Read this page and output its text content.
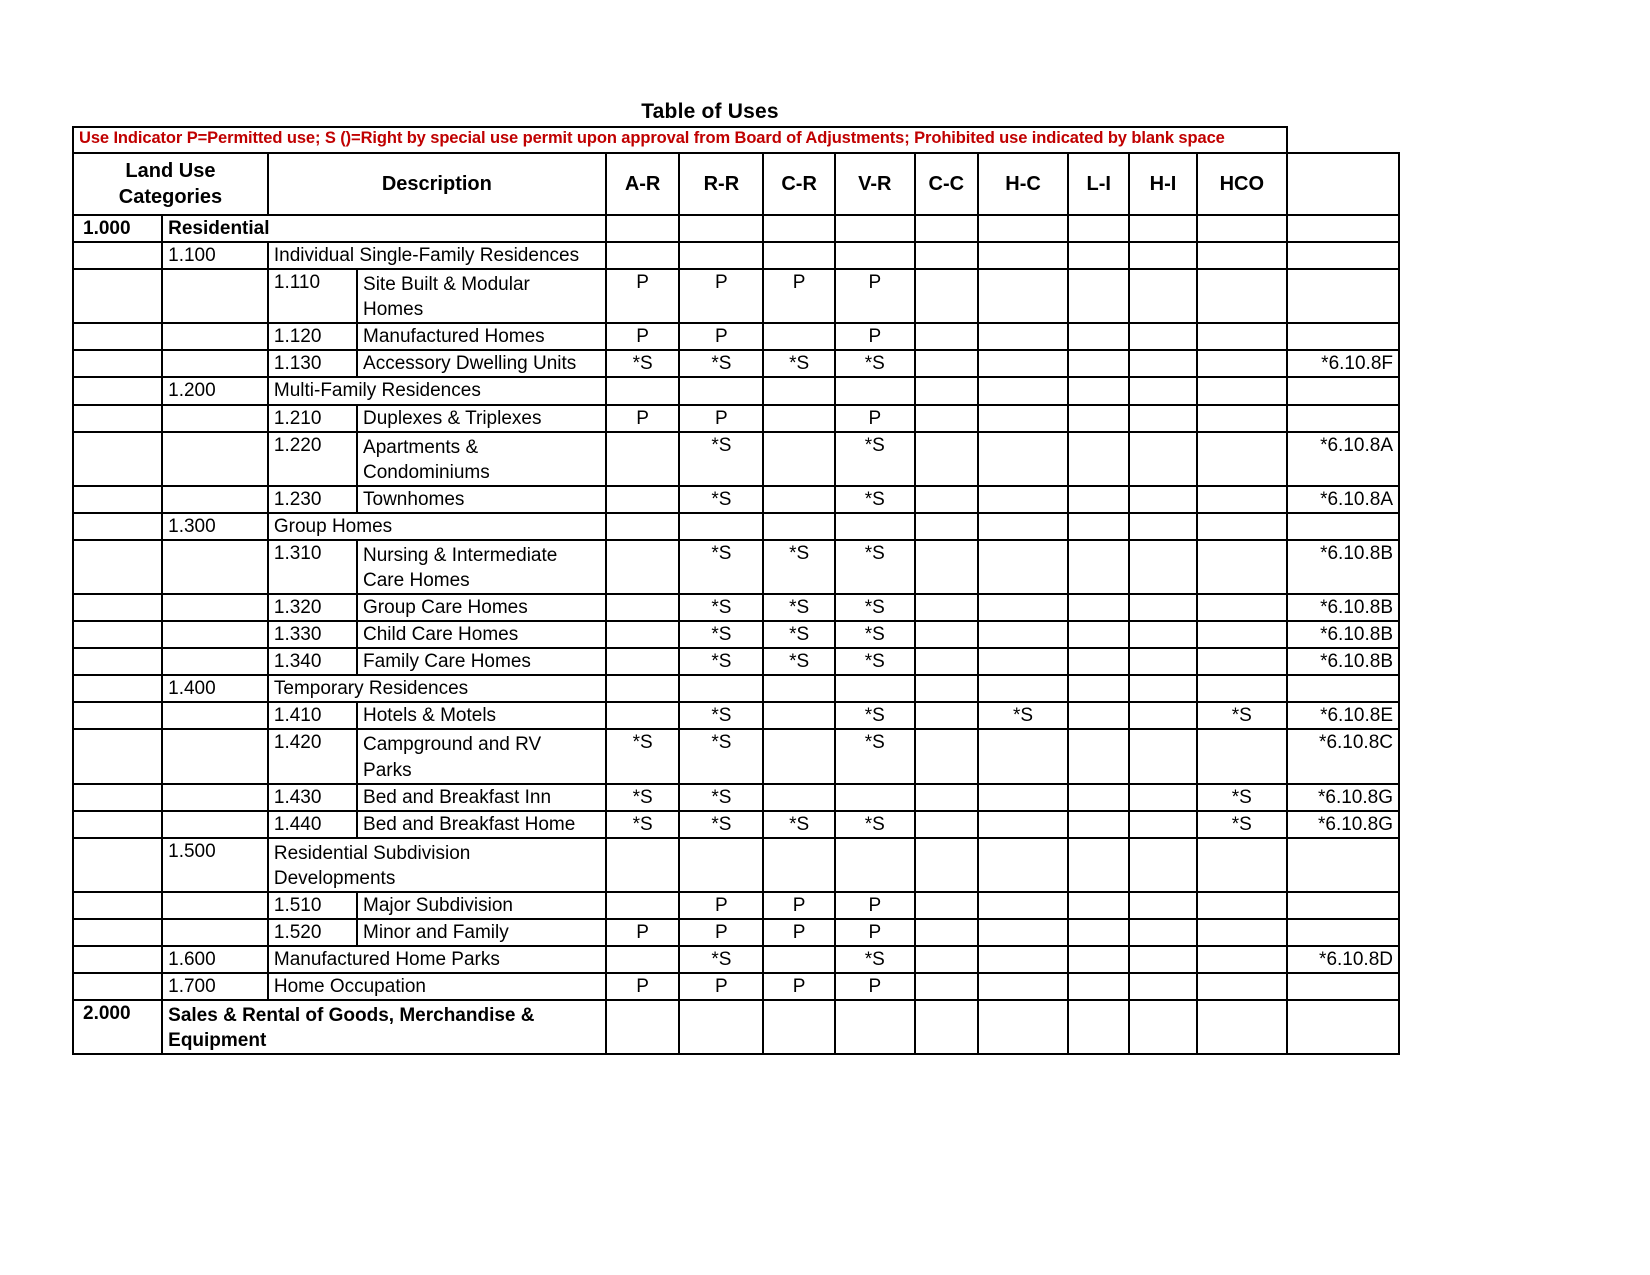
Table of Uses
Use Indicator P=Permitted use; S ()=Right by special use permit upon approval from Board of Adjustments; Prohibited use indicated by blank space													

Land Use
Categories		Description		A-R	R-R	C-R	V-R	C-C	H-C	L-I	H-I	HCO	
1.000	Residential												
	1.100	Individual Single-Family Residences											
		1.110	Site Built & Modular
Homes	P	P	P	P						
		1.120	Manufactured Homes	P	P		P						
		1.130	Accessory Dwelling Units	*S	*S	*S	*S						*6.10.8F
	1.200	Multi-Family Residences											
		1.210	Duplexes & Triplexes	P	P		P						
		1.220	Apartments &
Condominiums		*S		*S						*6.10.8A
		1.230	Townhomes		*S		*S						*6.10.8A
	1.300	Group Homes											
		1.310	Nursing & Intermediate
Care Homes		*S	*S	*S						*6.10.8B
		1.320	Group Care Homes		*S	*S	*S						*6.10.8B
		1.330	Child Care Homes		*S	*S	*S						*6.10.8B
		1.340	Family Care Homes		*S	*S	*S						*6.10.8B
	1.400	Temporary Residences											
		1.410	Hotels & Motels		*S		*S		*S			*S	*6.10.8E
		1.420	Campground and RV
Parks	*S	*S		*S						*6.10.8C
		1.430	Bed and Breakfast Inn	*S	*S							*S	*6.10.8G
		1.440	Bed and Breakfast Home	*S	*S	*S	*S					*S	*6.10.8G
	1.500	Residential Subdivision
Developments											

		1.510	Major Subdivision		P	P	P						
		1.520	Minor and Family	P	P	P	P						
	1.600	Manufactured Home Parks			*S		*S						*6.10.8D
	1.700	Home Occupation		P	P	P	P						
2.000	Sales & Rental of Goods, Merchandise &
Equipment												
